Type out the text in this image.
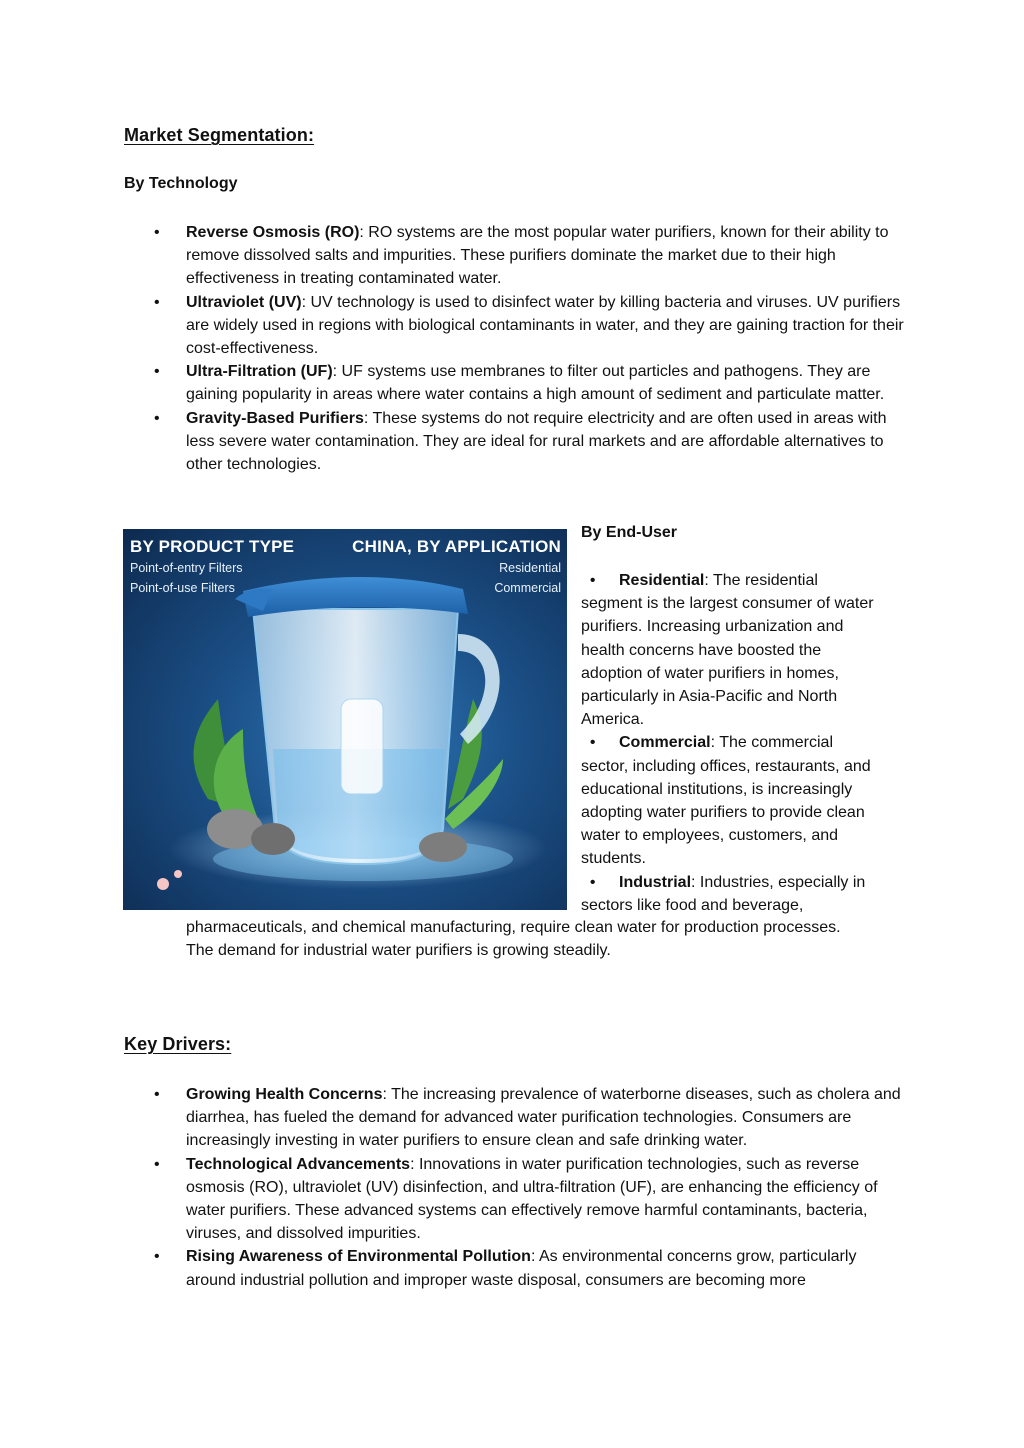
Market Segmentation:
By Technology
• Reverse Osmosis (RO): RO systems are the most popular water purifiers, known for their ability to remove dissolved salts and impurities. These purifiers dominate the market due to their high effectiveness in treating contaminated water.
• Ultraviolet (UV): UV technology is used to disinfect water by killing bacteria and viruses. UV purifiers are widely used in regions with biological contaminants in water, and they are gaining traction for their cost-effectiveness.
• Ultra-Filtration (UF): UF systems use membranes to filter out particles and pathogens. They are gaining popularity in areas where water contains a high amount of sediment and particulate matter.
• Gravity-Based Purifiers: These systems do not require electricity and are often used in areas with less severe water contamination. They are ideal for rural markets and are affordable alternatives to other technologies.
BY PRODUCT TYPE
Point-of-entry Filters
Point-of-use Filters
CHINA, BY APPLICATION
Residential
Commercial
By End-User

• Residential: The residential

segment is the largest consumer of water

purifiers. Increasing urbanization and

health concerns have boosted the

adoption of water purifiers in homes,

particularly in Asia-Pacific and North

America.

• Commercial: The commercial

sector, including offices, restaurants, and

educational institutions, is increasingly

adopting water purifiers to provide clean

water to employees, customers, and

students.

• Industrial: Industries, especially in

sectors like food and beverage,

pharmaceuticals, and chemical manufacturing, require clean water for production processes.
The demand for industrial water purifiers is growing steadily.
Key Drivers:
• Growing Health Concerns: The increasing prevalence of waterborne diseases, such as cholera and diarrhea, has fueled the demand for advanced water purification technologies. Consumers are increasingly investing in water purifiers to ensure clean and safe drinking water.
• Technological Advancements: Innovations in water purification technologies, such as reverse osmosis (RO), ultraviolet (UV) disinfection, and ultra-filtration (UF), are enhancing the efficiency of water purifiers. These advanced systems can effectively remove harmful contaminants, bacteria, viruses, and dissolved impurities.
• Rising Awareness of Environmental Pollution: As environmental concerns grow, particularly around industrial pollution and improper waste disposal, consumers are becoming more
